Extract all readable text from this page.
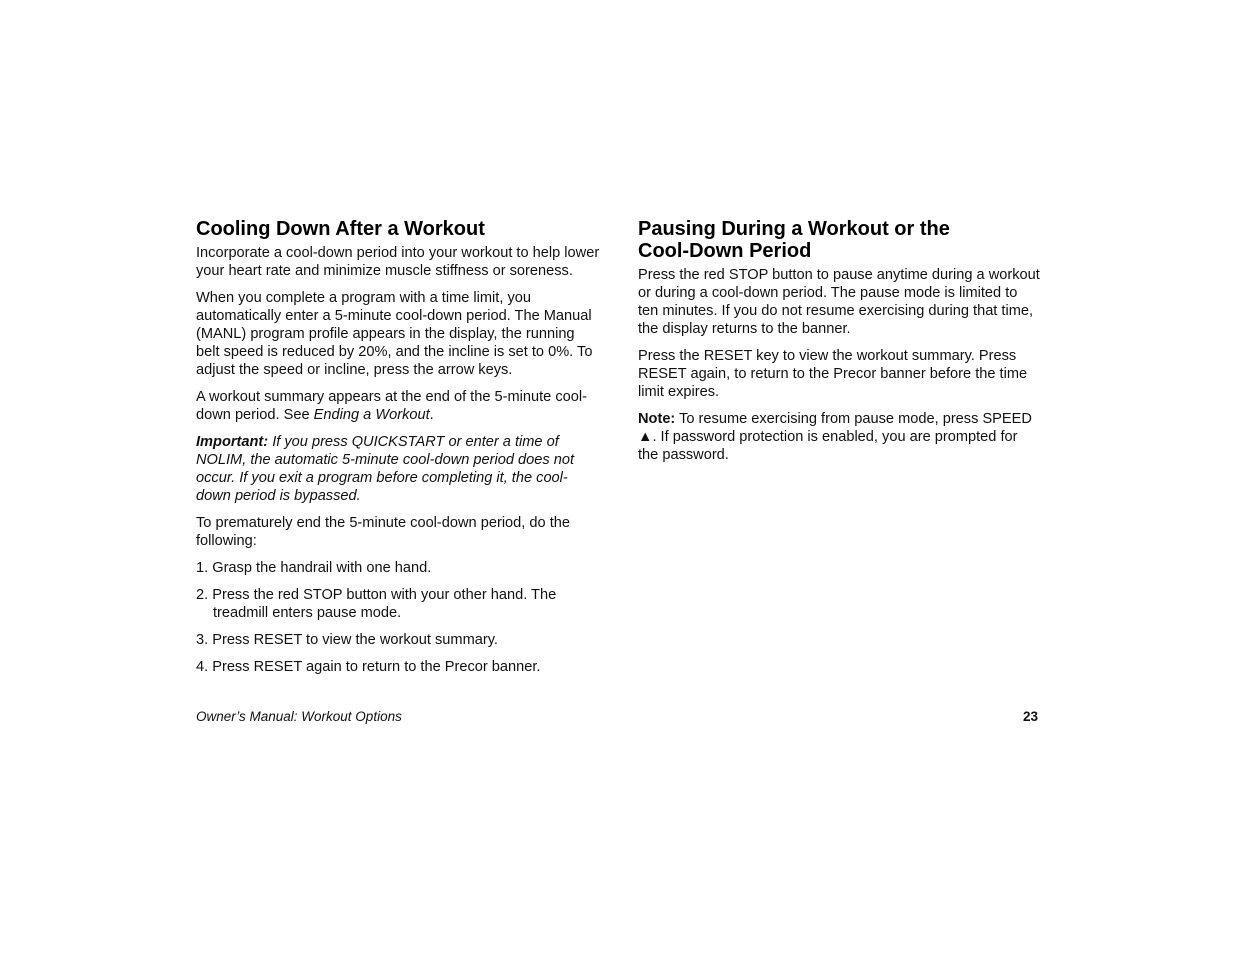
Cooling Down After a Workout

Incorporate a cool-down period into your workout to help lower your heart rate and minimize muscle stiffness or soreness.

When you complete a program with a time limit, you automatically enter a 5-minute cool-down period. The Manual (MANL) program profile appears in the display, the running belt speed is reduced by 20%, and the incline is set to 0%. To adjust the speed or incline, press the arrow keys.

A workout summary appears at the end of the 5-minute cool-down period. See Ending a Workout.

Important: If you press QUICKSTART or enter a time of NOLIM, the automatic 5-minute cool-down period does not occur. If you exit a program before completing it, the cool-down period is bypassed.

To prematurely end the 5-minute cool-down period, do the following:

1. Grasp the handrail with one hand.
2. Press the red STOP button with your other hand. The treadmill enters pause mode.
3. Press RESET to view the workout summary.
4. Press RESET again to return to the Precor banner.
Pausing During a Workout or the
Cool-Down Period

Press the red STOP button to pause anytime during a workout or during a cool-down period. The pause mode is limited to ten minutes. If you do not resume exercising during that time, the display returns to the banner.

Press the RESET key to view the workout summary. Press RESET again, to return to the Precor banner before the time limit expires.

Note: To resume exercising from pause mode, press SPEED ▲. If password protection is enabled, you are prompted for the password.

Owner’s Manual: Workout Options	23
